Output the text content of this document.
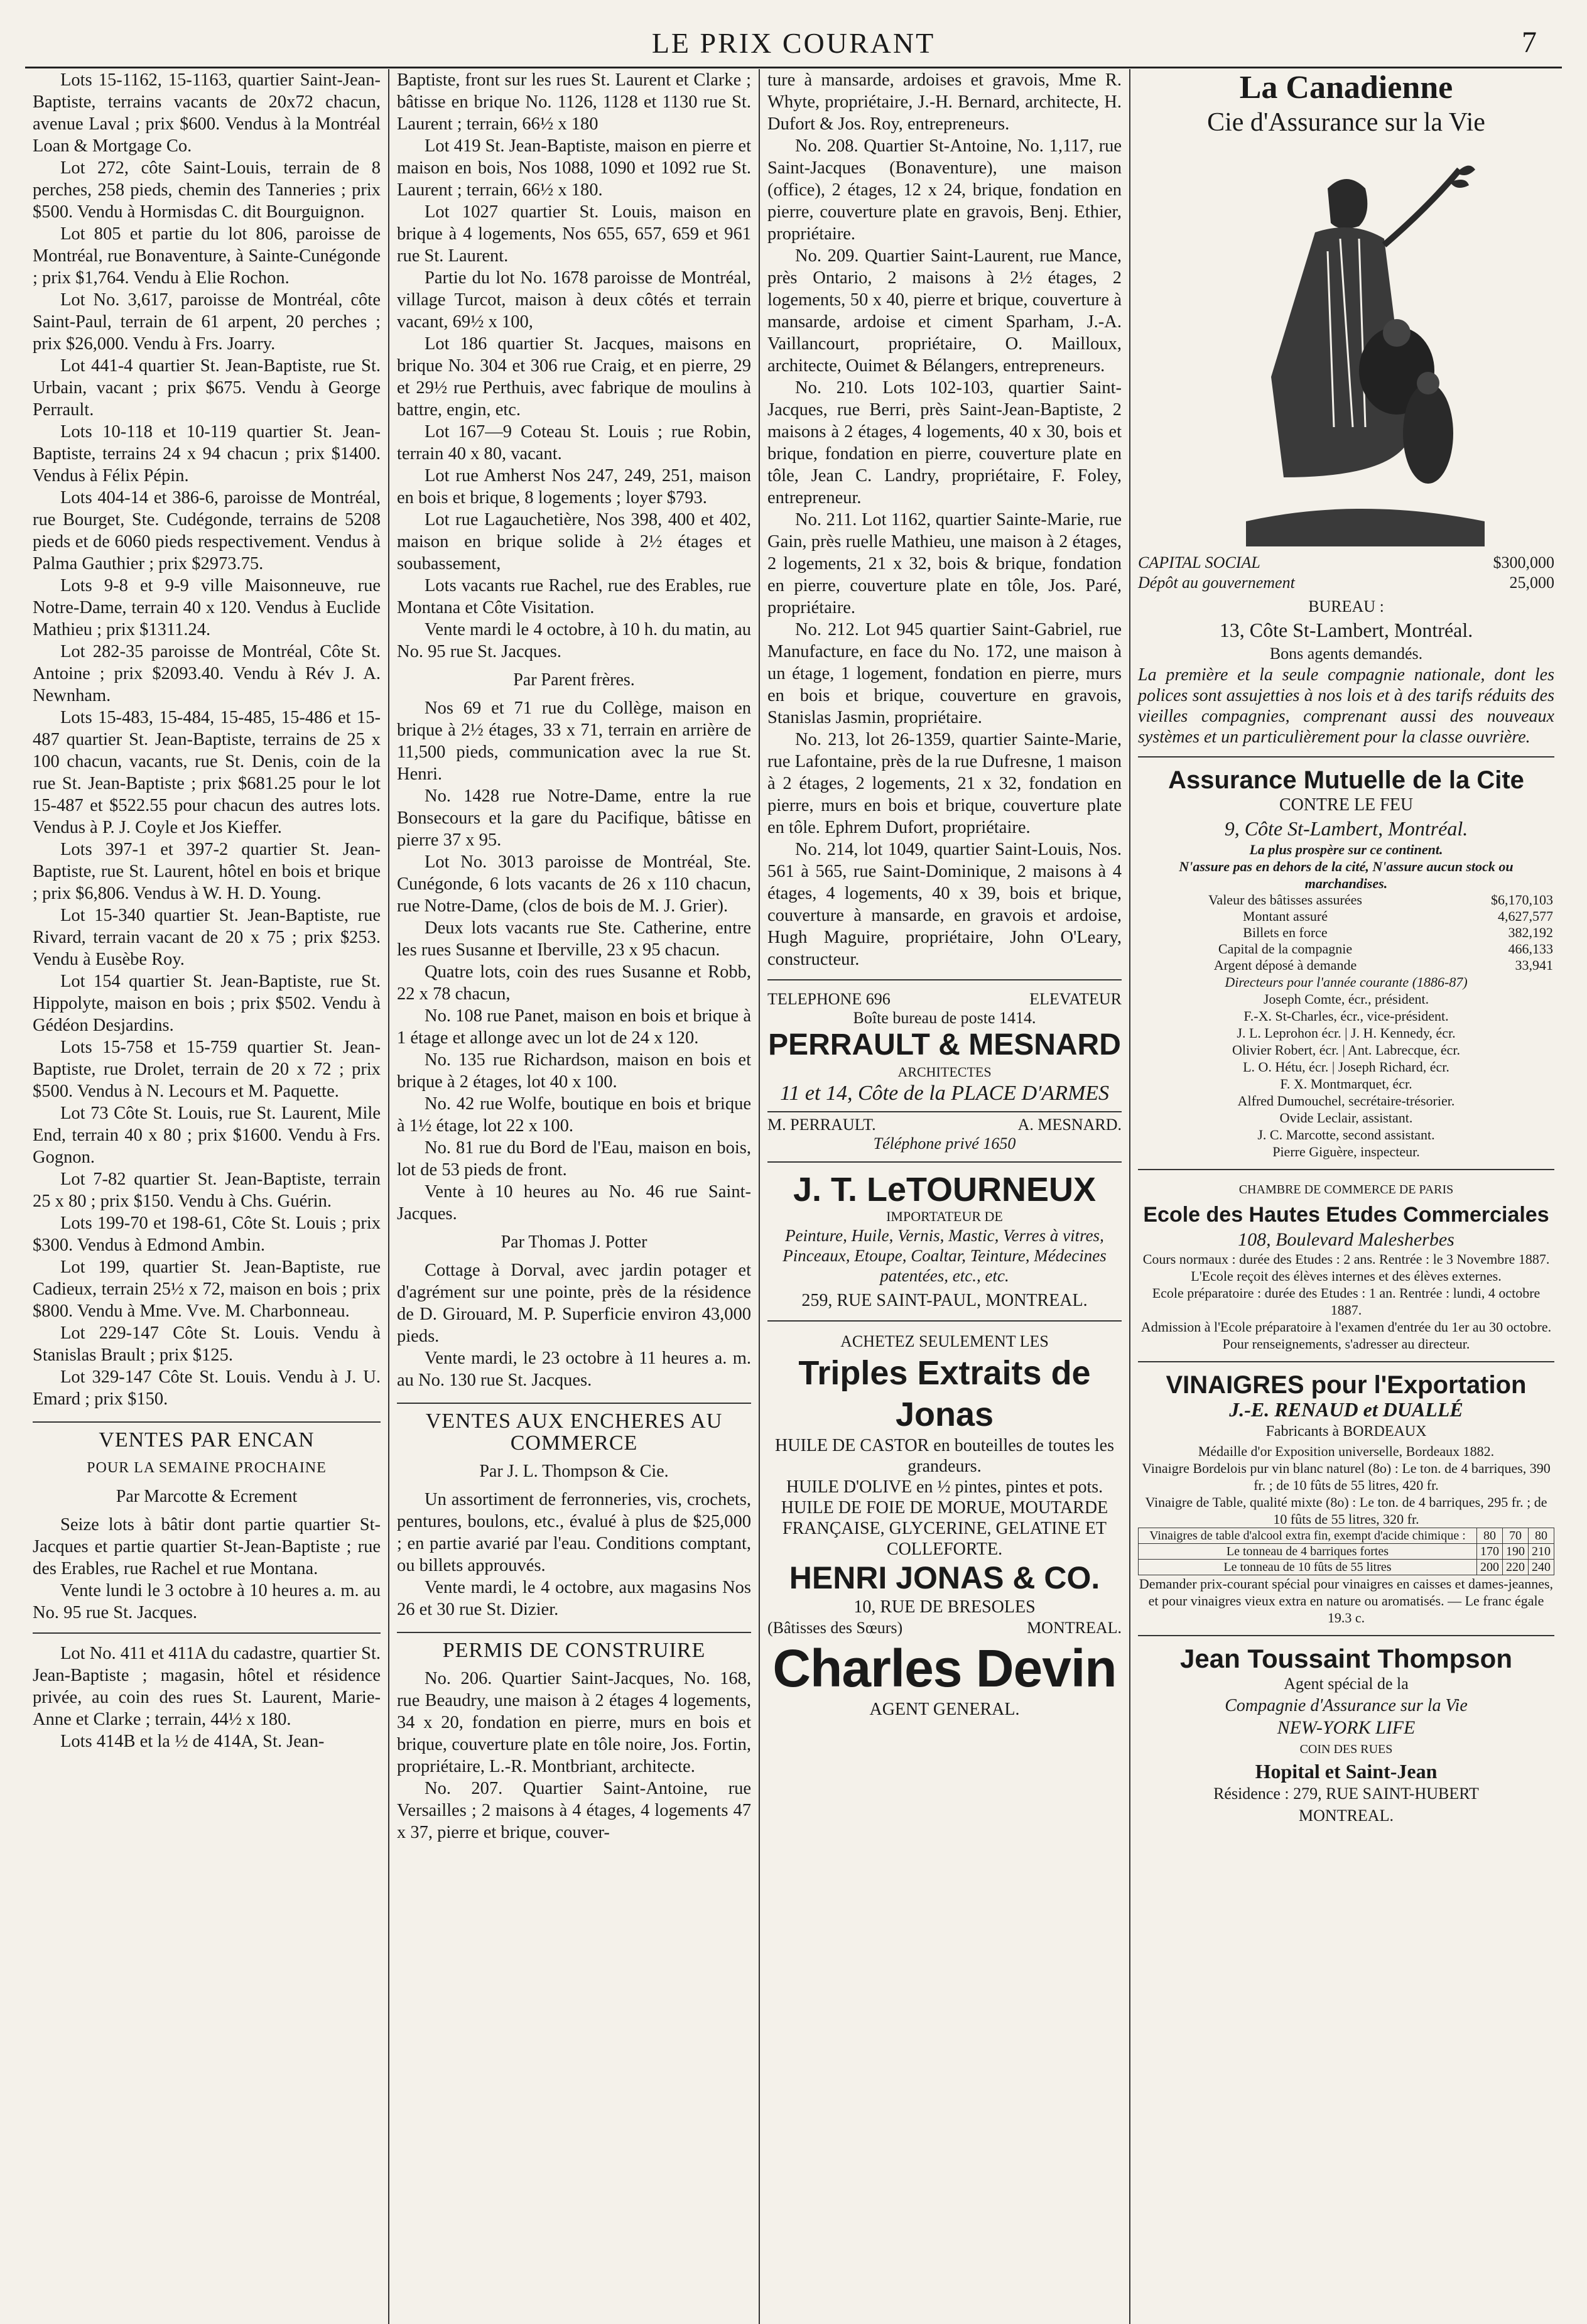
LE PRIX COURANT	7

Lots 15-1162, 15-1163, quartier Saint-Jean-Baptiste, terrains vacants de 20x72 chacun, avenue Laval ; prix $600. Vendus à la Montréal Loan & Mortgage Co.

Lot 272, côte Saint-Louis, terrain de 8 perches, 258 pieds, chemin des Tanneries ; prix $500. Vendu à Hormisdas C. dit Bourguignon.

Lot 805 et partie du lot 806, paroisse de Montréal, rue Bonaventure, à Sainte-Cunégonde ; prix $1,764. Vendu à Elie Rochon.

Lot No. 3,617, paroisse de Montréal, côte Saint-Paul, terrain de 61 arpent, 20 perches ; prix $26,000. Vendu à Frs. Joarry.

Lot 441-4 quartier St. Jean-Baptiste, rue St. Urbain, vacant ; prix $675. Vendu à George Perrault.

Lots 10-118 et 10-119 quartier St. Jean-Baptiste, terrains 24 x 94 chacun ; prix $1400. Vendus à Félix Pépin.

Lots 404-14 et 386-6, paroisse de Montréal, rue Bourget, Ste. Cudégonde, terrains de 5208 pieds et de 6060 pieds respectivement. Vendus à Palma Gauthier ; prix $2973.75.

Lots 9-8 et 9-9 ville Maisonneuve, rue Notre-Dame, terrain 40 x 120. Vendus à Euclide Mathieu ; prix $1311.24.

Lot 282-35 paroisse de Montréal, Côte St. Antoine ; prix $2093.40. Vendu à Rév J. A. Newnham.

Lots 15-483, 15-484, 15-485, 15-486 et 15-487 quartier St. Jean-Baptiste, terrains de 25 x 100 chacun, vacants, rue St. Denis, coin de la rue St. Jean-Baptiste ; prix $681.25 pour le lot 15-487 et $522.55 pour chacun des autres lots. Vendus à P. J. Coyle et Jos Kieffer.

Lots 397-1 et 397-2 quartier St. Jean-Baptiste, rue St. Laurent, hôtel en bois et brique ; prix $6,806. Vendus à W. H. D. Young.

Lot 15-340 quartier St. Jean-Baptiste, rue Rivard, terrain vacant de 20 x 75 ; prix $253. Vendu à Eusèbe Roy.

Lot 154 quartier St. Jean-Baptiste, rue St. Hippolyte, maison en bois ; prix $502. Vendu à Gédéon Desjardins.

Lots 15-758 et 15-759 quartier St. Jean-Baptiste, rue Drolet, terrain de 20 x 72 ; prix $500. Vendus à N. Lecours et M. Paquette.

Lot 73 Côte St. Louis, rue St. Laurent, Mile End, terrain 40 x 80 ; prix $1600. Vendu à Frs. Gognon.

Lot 7-82 quartier St. Jean-Baptiste, terrain 25 x 80 ; prix $150. Vendu à Chs. Guérin.

Lots 199-70 et 198-61, Côte St. Louis ; prix $300. Vendus à Edmond Ambin.

Lot 199, quartier St. Jean-Baptiste, rue Cadieux, terrain 25½ x 72, maison en bois ; prix $800. Vendu à Mme. Vve. M. Charbonneau.

Lot 229-147 Côte St. Louis. Vendu à Stanislas Brault ; prix $125.

Lot 329-147 Côte St. Louis. Vendu à J. U. Emard ; prix $150.

VENTES PAR ENCAN
POUR LA SEMAINE PROCHAINE
Par Marcotte & Ecrement

Seize lots à bâtir dont partie quartier St-Jacques et partie quartier St-Jean-Baptiste ; rue des Erables, rue Rachel et rue Montana.

Vente lundi le 3 octobre à 10 heures a. m. au No. 95 rue St. Jacques.

Lot No. 411 et 411A du cadastre, quartier St. Jean-Baptiste ; magasin, hôtel et résidence privée, au coin des rues St. Laurent, Marie-Anne et Clarke ; terrain, 44½ x 180.

Lots 414B et la ½ de 414A, St. Jean-

Baptiste, front sur les rues St. Laurent et Clarke ; bâtisse en brique No. 1126, 1128 et 1130 rue St. Laurent ; terrain, 66½ x 180

Lot 419 St. Jean-Baptiste, maison en pierre et maison en bois, Nos 1088, 1090 et 1092 rue St. Laurent ; terrain, 66½ x 180.

Lot 1027 quartier St. Louis, maison en brique à 4 logements, Nos 655, 657, 659 et 961 rue St. Laurent.

Partie du lot No. 1678 paroisse de Montréal, village Turcot, maison à deux côtés et terrain vacant, 69½ x 100,

Lot 186 quartier St. Jacques, maisons en brique No. 304 et 306 rue Craig, et en pierre, 29 et 29½ rue Perthuis, avec fabrique de moulins à battre, engin, etc.

Lot 167—9 Coteau St. Louis ; rue Robin, terrain 40 x 80, vacant.

Lot rue Amherst Nos 247, 249, 251, maison en bois et brique, 8 logements ; loyer $793.

Lot rue Lagauchetière, Nos 398, 400 et 402, maison en brique solide à 2½ étages et soubassement,

Lots vacants rue Rachel, rue des Erables, rue Montana et Côte Visitation.

Vente mardi le 4 octobre, à 10 h. du matin, au No. 95 rue St. Jacques.

Par Parent frères.

Nos 69 et 71 rue du Collège, maison en brique à 2½ étages, 33 x 71, terrain en arrière de 11,500 pieds, communication avec la rue St. Henri.

No. 1428 rue Notre-Dame, entre la rue Bonsecours et la gare du Pacifique, bâtisse en pierre 37 x 95.

Lot No. 3013 paroisse de Montréal, Ste. Cunégonde, 6 lots vacants de 26 x 110 chacun, rue Notre-Dame, (clos de bois de M. J. Grier).

Deux lots vacants rue Ste. Catherine, entre les rues Susanne et Iberville, 23 x 95 chacun.

Quatre lots, coin des rues Susanne et Robb, 22 x 78 chacun,

No. 108 rue Panet, maison en bois et brique à 1 étage et allonge avec un lot de 24 x 120.

No. 135 rue Richardson, maison en bois et brique à 2 étages, lot 40 x 100.

No. 42 rue Wolfe, boutique en bois et brique à 1½ étage, lot 22 x 100.

No. 81 rue du Bord de l'Eau, maison en bois, lot de 53 pieds de front.

Vente à 10 heures au No. 46 rue Saint-Jacques.

Par Thomas J. Potter

Cottage à Dorval, avec jardin potager et d'agrément sur une pointe, près de la résidence de D. Girouard, M. P. Superficie environ 43,000 pieds.

Vente mardi, le 23 octobre à 11 heures a. m. au No. 130 rue St. Jacques.

VENTES AUX ENCHERES AU COMMERCE
Par J. L. Thompson & Cie.

Un assortiment de ferronneries, vis, crochets, pentures, boulons, etc., évalué à plus de $25,000 ; en partie avarié par l'eau. Conditions comptant, ou billets approuvés.

Vente mardi, le 4 octobre, aux magasins Nos 26 et 30 rue St. Dizier.

PERMIS DE CONSTRUIRE

No. 206. Quartier Saint-Jacques, No. 168, rue Beaudry, une maison à 2 étages 4 logements, 34 x 20, fondation en pierre, murs en bois et brique, couverture plate en tôle noire, Jos. Fortin, propriétaire, L.-R. Montbriant, architecte.

No. 207. Quartier Saint-Antoine, rue Versailles ; 2 maisons à 4 étages, 4 logements 47 x 37, pierre et brique, couver-

ture à mansarde, ardoises et gravois, Mme R. Whyte, propriétaire, J.-H. Bernard, architecte, H. Dufort & Jos. Roy, entrepreneurs.

No. 208. Quartier St-Antoine, No. 1,117, rue Saint-Jacques (Bonaventure), une maison (office), 2 étages, 12 x 24, brique, fondation en pierre, couverture plate en gravois, Benj. Ethier, propriétaire.

No. 209. Quartier Saint-Laurent, rue Mance, près Ontario, 2 maisons à 2½ étages, 2 logements, 50 x 40, pierre et brique, couverture à mansarde, ardoise et ciment Sparham, J.-A. Vaillancourt, propriétaire, O. Mailloux, architecte, Ouimet & Bélangers, entrepreneurs.

No. 210. Lots 102-103, quartier Saint-Jacques, rue Berri, près Saint-Jean-Baptiste, 2 maisons à 2 étages, 4 logements, 40 x 30, bois et brique, fondation en pierre, couverture plate en tôle, Jean C. Landry, propriétaire, F. Foley, entrepreneur.

No. 211. Lot 1162, quartier Sainte-Marie, rue Gain, près ruelle Mathieu, une maison à 2 étages, 2 logements, 21 x 32, bois & brique, fondation en pierre, couverture plate en tôle, Jos. Paré, propriétaire.

No. 212. Lot 945 quartier Saint-Gabriel, rue Manufacture, en face du No. 172, une maison à un étage, 1 logement, fondation en pierre, murs en bois et brique, couverture en gravois, Stanislas Jasmin, propriétaire.

No. 213, lot 26-1359, quartier Sainte-Marie, rue Lafontaine, près de la rue Dufresne, 1 maison à 2 étages, 2 logements, 21 x 32, fondation en pierre, murs en bois et brique, couverture plate en tôle. Ephrem Dufort, propriétaire.

No. 214, lot 1049, quartier Saint-Louis, Nos. 561 à 565, rue Saint-Dominique, 2 maisons à 4 étages, 4 logements, 40 x 39, bois et brique, couverture à mansarde, en gravois et ardoise, Hugh Maguire, propriétaire, John O'Leary, constructeur.

TELEPHONE 696	ELEVATEUR
Boîte bureau de poste 1414.
PERRAULT & MESNARD
ARCHITECTES
11 et 14, Côte de la PLACE D'ARMES
M. PERRAULT.	A. MESNARD.
Téléphone privé 1650
J. T. LeTOURNEUX
IMPORTATEUR DE
Peinture, Huile, Vernis, Mastic, Verres à vitres, Pinceaux, Etoupe, Coaltar, Teinture, Médecines patentées, etc., etc.
259, RUE SAINT-PAUL, MONTREAL.
ACHETEZ SEULEMENT LES
Triples Extraits de Jonas
HUILE DE CASTOR en bouteilles de toutes les grandeurs.
HUILE D'OLIVE en ½ pintes, pintes et pots.
HUILE DE FOIE DE MORUE, MOUTARDE FRANÇAISE, GLYCERINE, GELATINE ET COLLEFORTE.
HENRI JONAS & CO.
10, RUE DE BRESOLES
(Bâtisses des Sœurs)	MONTREAL.
Charles Devin
AGENT GENERAL.
La Canadienne
Cie d'Assurance sur la Vie
CAPITAL SOCIAL	$300,000
Dépôt au gouvernement	25,000
BUREAU :
13, Côte St-Lambert, Montréal.
Bons agents demandés.
La première et la seule compagnie nationale, dont les polices sont assujetties à nos lois et à des tarifs réduits des vieilles compagnies, comprenant aussi des nouveaux systèmes et un particulièrement pour la classe ouvrière.
Assurance Mutuelle de la Cite
CONTRE LE FEU
9, Côte St-Lambert, Montréal.
La plus prospère sur ce continent.
N'assure pas en dehors de la cité, N'assure aucun stock ou marchandises.
Valeur des bâtisses assurées	$6,170,103
Montant assuré	4,627,577
Billets en force	382,192
Capital de la compagnie	466,133
Argent déposé à demande	33,941
Directeurs pour l'année courante (1886-87)
Joseph Comte, écr., président.
F.-X. St-Charles, écr., vice-président.
J. L. Leprohon écr. | J. H. Kennedy, écr.
Olivier Robert, écr. | Ant. Labrecque, écr.
L. O. Hétu, écr. | Joseph Richard, écr.
F. X. Montmarquet, écr.
Alfred Dumouchel, secrétaire-trésorier.
Ovide Leclair, assistant.
J. C. Marcotte, second assistant.
Pierre Giguère, inspecteur.
CHAMBRE DE COMMERCE DE PARIS
Ecole des Hautes Etudes Commerciales
108, Boulevard Malesherbes
Cours normaux : durée des Etudes : 2 ans. Rentrée : le 3 Novembre 1887.
L'Ecole reçoit des élèves internes et des élèves externes.
Ecole préparatoire : durée des Etudes : 1 an. Rentrée : lundi, 4 octobre 1887.
Admission à l'Ecole préparatoire à l'examen d'entrée du 1er au 30 octobre.
Pour renseignements, s'adresser au directeur.
VINAIGRES pour l'Exportation
J.-E. RENAUD et DUALLÉ
Fabricants à BORDEAUX
Médaille d'or Exposition universelle, Bordeaux 1882.
Vinaigre Bordelois pur vin blanc naturel (8o) : Le ton. de 4 barriques, 390 fr. ; de 10 fûts de 55 litres, 420 fr.
Vinaigre de Table, qualité mixte (8o) : Le ton. de 4 barriques, 295 fr. ; de 10 fûts de 55 litres, 320 fr.
Vinaigres de table d'alcool extra fin, exempt d'acide chimique :	80	70	80
Le tonneau de 4 barriques fortes	170	190	210
Le tonneau de 10 fûts de 55 litres	200	220	240
Demander prix-courant spécial pour vinaigres en caisses et dames-jeannes, et pour vinaigres vieux extra en nature ou aromatisés. — Le franc égale 19.3 c.
Jean Toussaint Thompson
Agent spécial de la
Compagnie d'Assurance sur la Vie
NEW-YORK LIFE
COIN DES RUES
Hopital et Saint-Jean
Résidence : 279, RUE SAINT-HUBERT
MONTREAL.
